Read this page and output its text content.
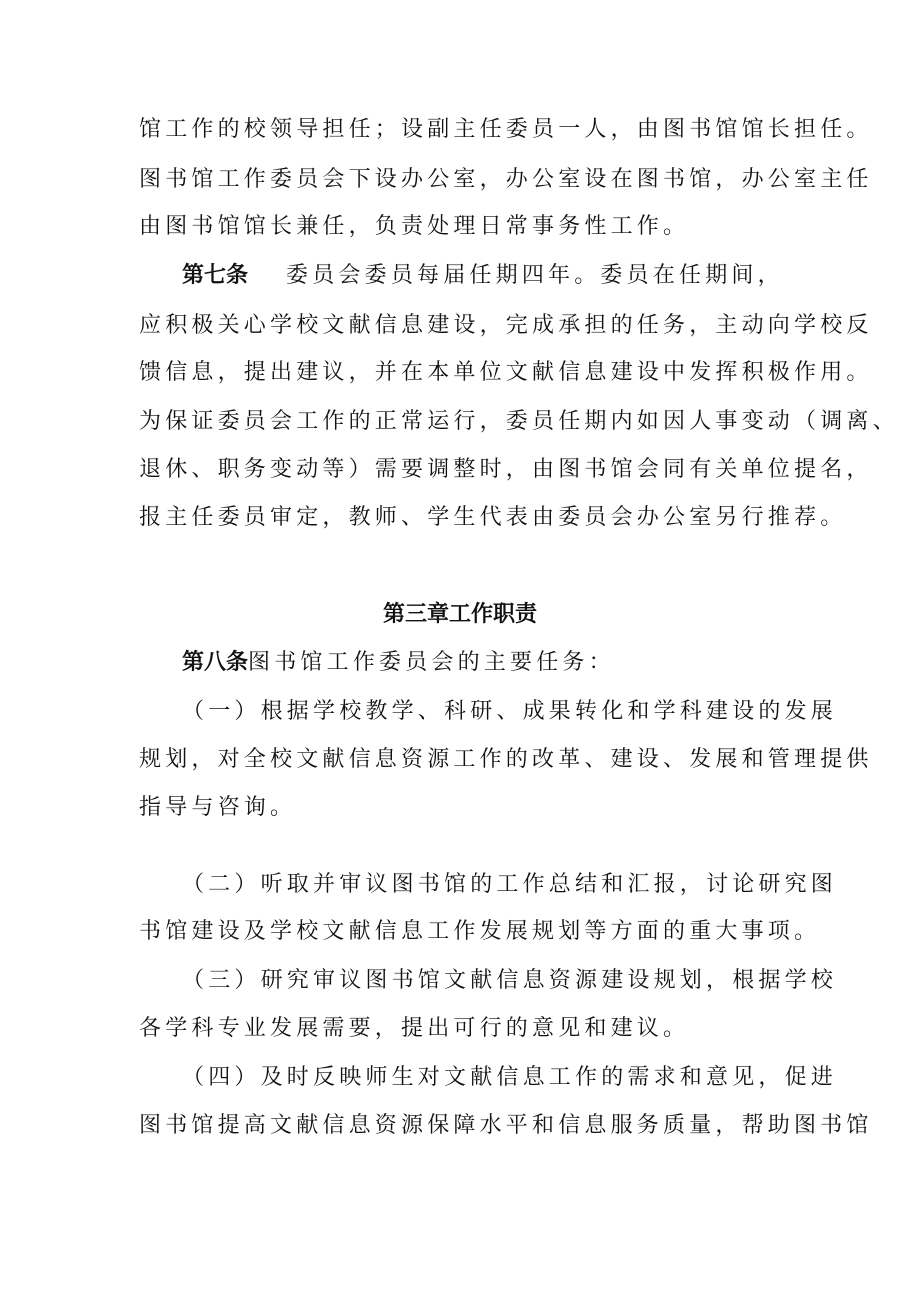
馆工作的校领导担任；设副主任委员一人，由图书馆馆长担任。
图书馆工作委员会下设办公室，办公室设在图书馆，办公室主任
由图书馆馆长兼任，负责处理日常事务性工作。
第七条 委员会委员每届任期四年。委员在任期间，
应积极关心学校文献信息建设，完成承担的任务，主动向学校反
馈信息，提出建议，并在本单位文献信息建设中发挥积极作用。
为保证委员会工作的正常运行，委员任期内如因人事变动（调离、
退休、职务变动等）需要调整时，由图书馆会同有关单位提名，
报主任委员审定，教师、学生代表由委员会办公室另行推荐。
第三章工作职责
第八条图书馆工作委员会的主要任务：
（一）根据学校教学、科研、成果转化和学科建设的发展
规划，对全校文献信息资源工作的改革、建设、发展和管理提供
指导与咨询。
（二）听取并审议图书馆的工作总结和汇报，讨论研究图
书馆建设及学校文献信息工作发展规划等方面的重大事项。
（三）研究审议图书馆文献信息资源建设规划，根据学校
各学科专业发展需要，提出可行的意见和建议。
（四）及时反映师生对文献信息工作的需求和意见，促进
图书馆提高文献信息资源保障水平和信息服务质量，帮助图书馆
